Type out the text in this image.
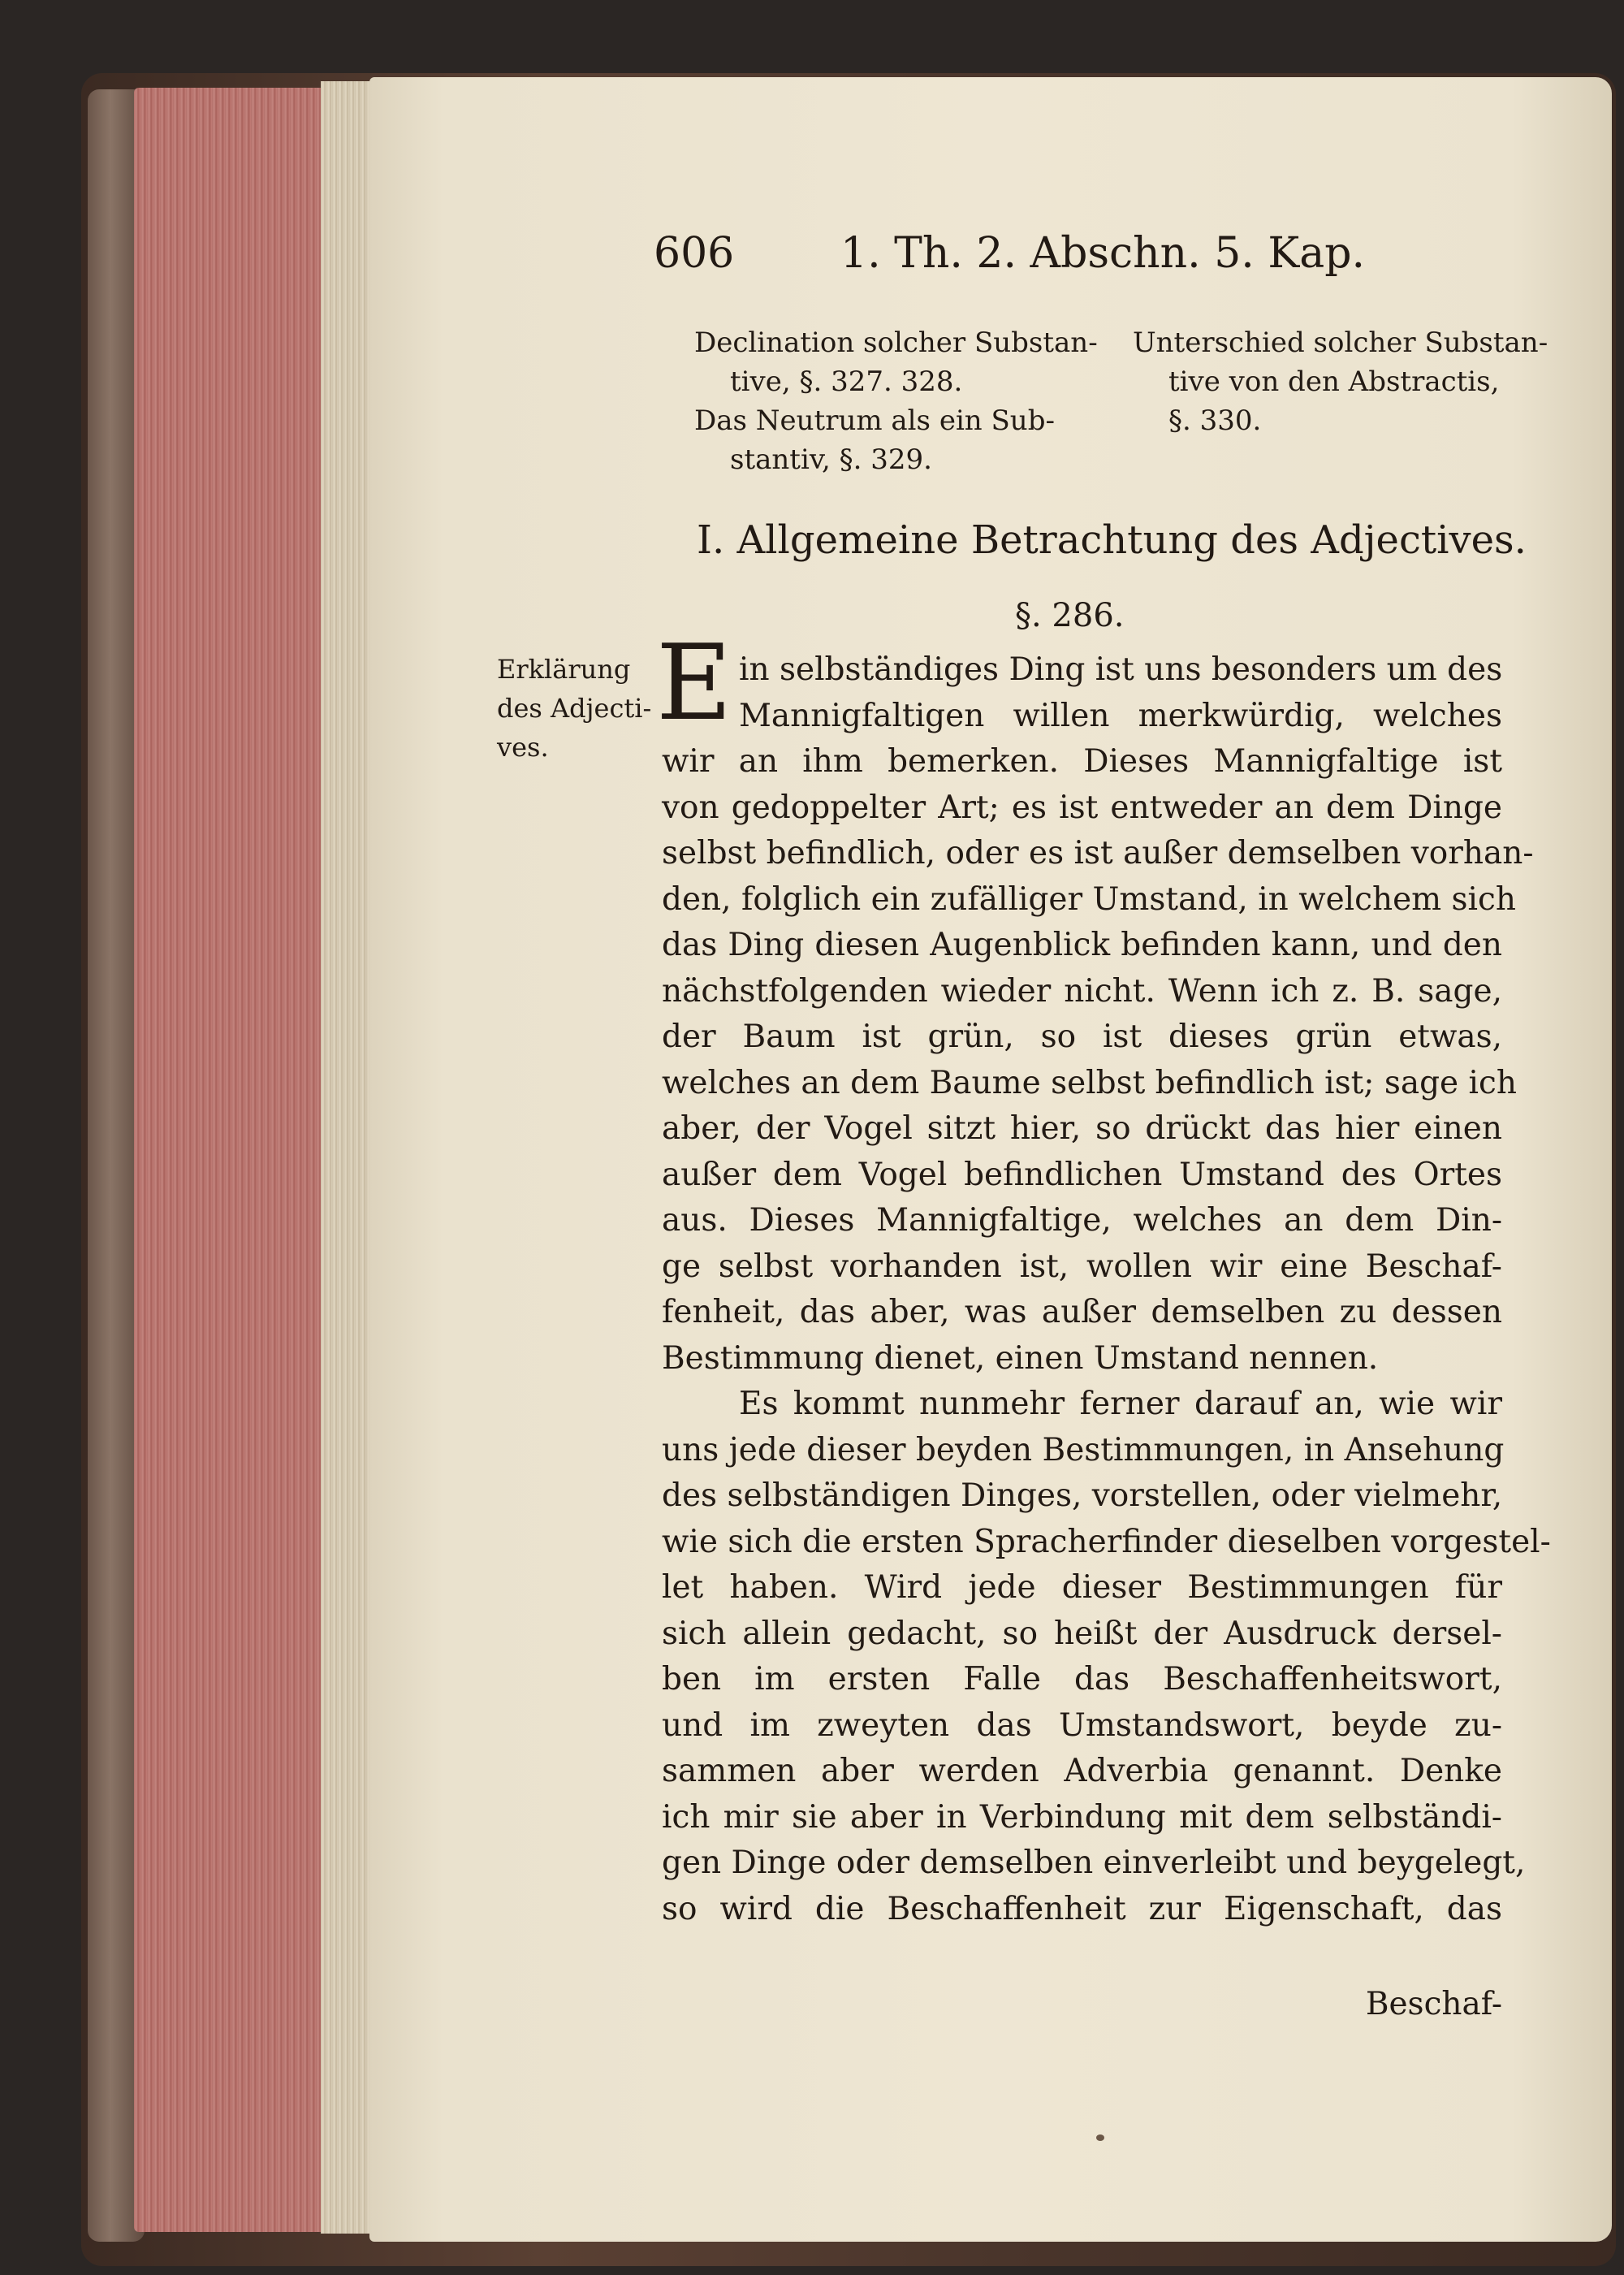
606	1. Th. 2. Abschn. 5. Kap.
Declination solcher Substan-
tive, §. 327. 328.
Das Neutrum als ein Sub-
stantiv, §. 329.
Unterschied solcher Substan-
tive von den Abstractis,
§. 330.
I. Allgemeine Betrachtung des Adjectives.
§. 286.
Erklärung
des Adjecti-
ves.
E in selbständiges Ding ist uns besonders um des
Mannigfaltigen willen merkwürdig, welches
wir an ihm bemerken. Dieses Mannigfaltige ist
von gedoppelter Art; es ist entweder an dem Dinge
selbst befindlich, oder es ist außer demselben vorhan-
den, folglich ein zufälliger Umstand, in welchem sich
das Ding diesen Augenblick befinden kann, und den
nächstfolgenden wieder nicht. Wenn ich z. B. sage,
der Baum ist grün, so ist dieses grün etwas,
welches an dem Baume selbst befindlich ist; sage ich
aber, der Vogel sitzt hier, so drückt das hier einen
außer dem Vogel befindlichen Umstand des Ortes
aus. Dieses Mannigfaltige, welches an dem Din-
ge selbst vorhanden ist, wollen wir eine Beschaf-
fenheit, das aber, was außer demselben zu dessen
Bestimmung dienet, einen Umstand nennen.
Es kommt nunmehr ferner darauf an, wie wir
uns jede dieser beyden Bestimmungen, in Ansehung
des selbständigen Dinges, vorstellen, oder vielmehr,
wie sich die ersten Spracherfinder dieselben vorgestel-
let haben. Wird jede dieser Bestimmungen für
sich allein gedacht, so heißt der Ausdruck dersel-
ben im ersten Falle das Beschaffenheitswort,
und im zweyten das Umstandswort, beyde zu-
sammen aber werden Adverbia genannt. Denke
ich mir sie aber in Verbindung mit dem selbständi-
gen Dinge oder demselben einverleibt und beygelegt,
so wird die Beschaffenheit zur Eigenschaft, das
Beschaf-
